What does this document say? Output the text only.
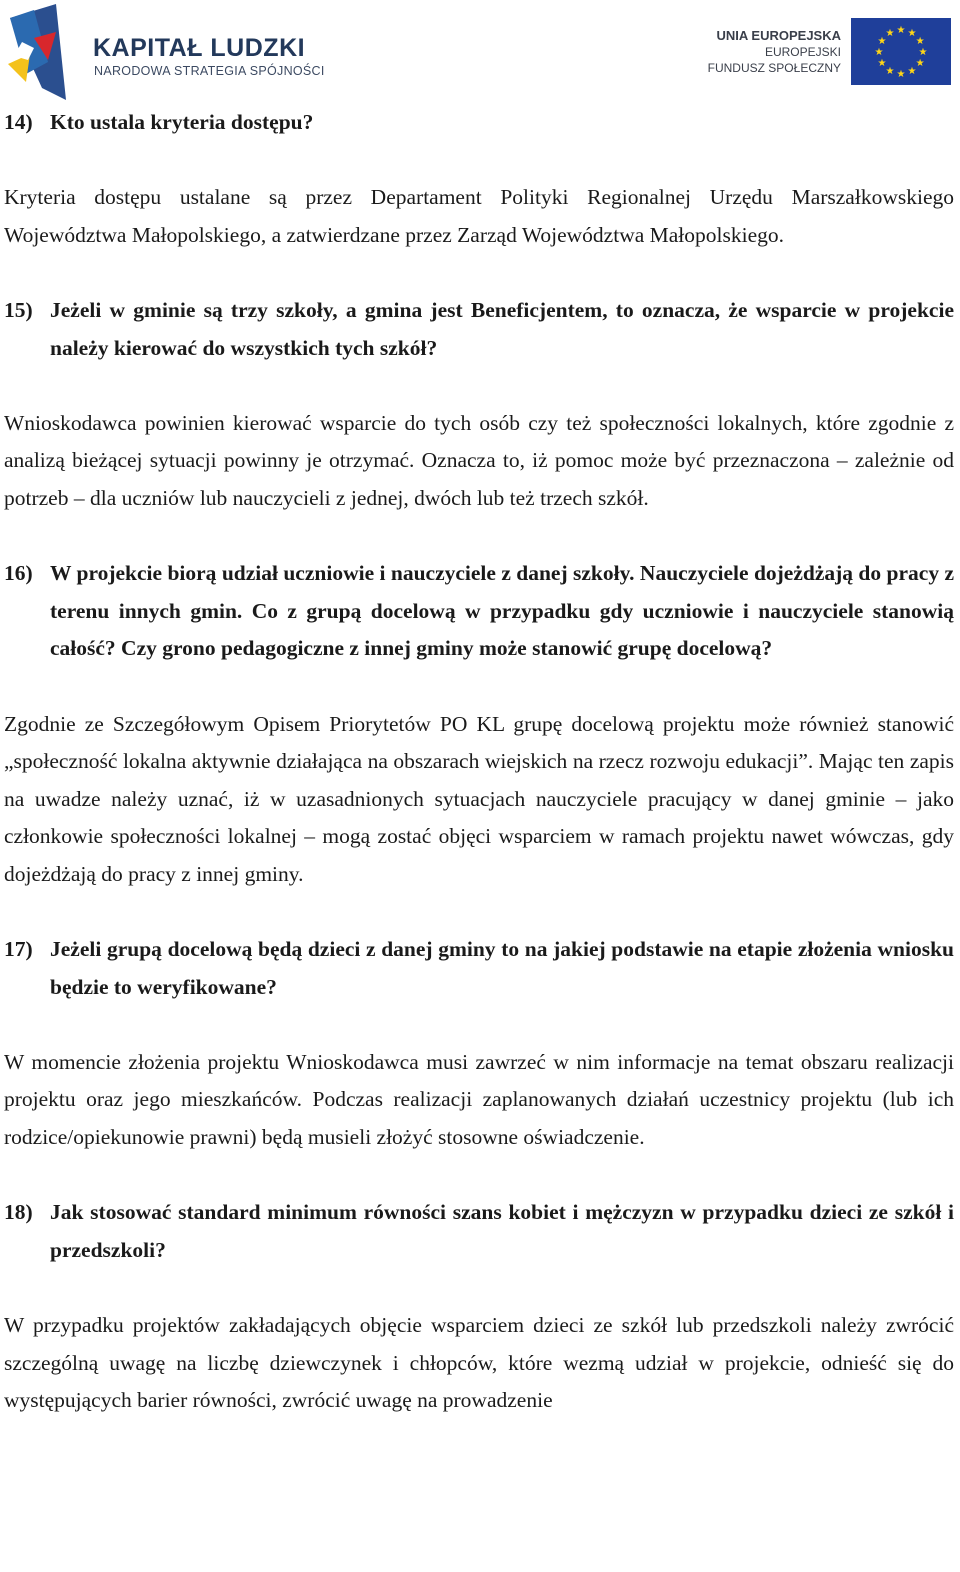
KAPITAŁ LUDZKI
NARODOWA STRATEGIA SPÓJNOŚCI
UNIA EUROPEJSKA
EUROPEJSKI
FUNDUSZ SPOŁECZNY
★ ★
★
★
★
★
★
★
★
★
★
★
14) Kto ustala kryteria dostępu?
Kryteria dostępu ustalane są przez Departament Polityki Regionalnej Urzędu Marszałkowskiego Województwa Małopolskiego, a zatwierdzane przez Zarząd Województwa Małopolskiego.
15) Jeżeli w gminie są trzy szkoły, a gmina jest Beneficjentem, to oznacza, że wsparcie w projekcie należy kierować do wszystkich tych szkół?
Wnioskodawca powinien kierować wsparcie do tych osób czy też społeczności lokalnych, które zgodnie z analizą bieżącej sytuacji powinny je otrzymać. Oznacza to, iż pomoc może być przeznaczona – zależnie od potrzeb – dla uczniów lub nauczycieli z jednej, dwóch lub też trzech szkół.
16) W projekcie biorą udział uczniowie i nauczyciele z danej szkoły. Nauczyciele dojeżdżają do pracy z terenu innych gmin. Co z grupą docelową w przypadku gdy uczniowie i nauczyciele stanowią całość? Czy grono pedagogiczne z innej gminy może stanowić grupę docelową?
Zgodnie ze Szczegółowym Opisem Priorytetów PO KL grupę docelową projektu może również stanowić „społeczność lokalna aktywnie działająca na obszarach wiejskich na rzecz rozwoju edukacji”. Mając ten zapis na uwadze należy uznać, iż w uzasadnionych sytuacjach nauczyciele pracujący w danej gminie – jako członkowie społeczności lokalnej – mogą zostać objęci wsparciem w ramach projektu nawet wówczas, gdy dojeżdżają do pracy z innej gminy.
17) Jeżeli grupą docelową będą dzieci z danej gminy to na jakiej podstawie na etapie złożenia wniosku będzie to weryfikowane?
W momencie złożenia projektu Wnioskodawca musi zawrzeć w nim informacje na temat obszaru realizacji projektu oraz jego mieszkańców. Podczas realizacji zaplanowanych działań uczestnicy projektu (lub ich rodzice/opiekunowie prawni) będą musieli złożyć stosowne oświadczenie.
18) Jak stosować standard minimum równości szans kobiet i mężczyzn w przypadku dzieci ze szkół i przedszkoli?
W przypadku projektów zakładających objęcie wsparciem dzieci ze szkół lub przedszkoli należy zwrócić szczególną uwagę na liczbę dziewczynek i chłopców, które wezmą udział w projekcie, odnieść się do występujących barier równości, zwrócić uwagę na prowadzenie
